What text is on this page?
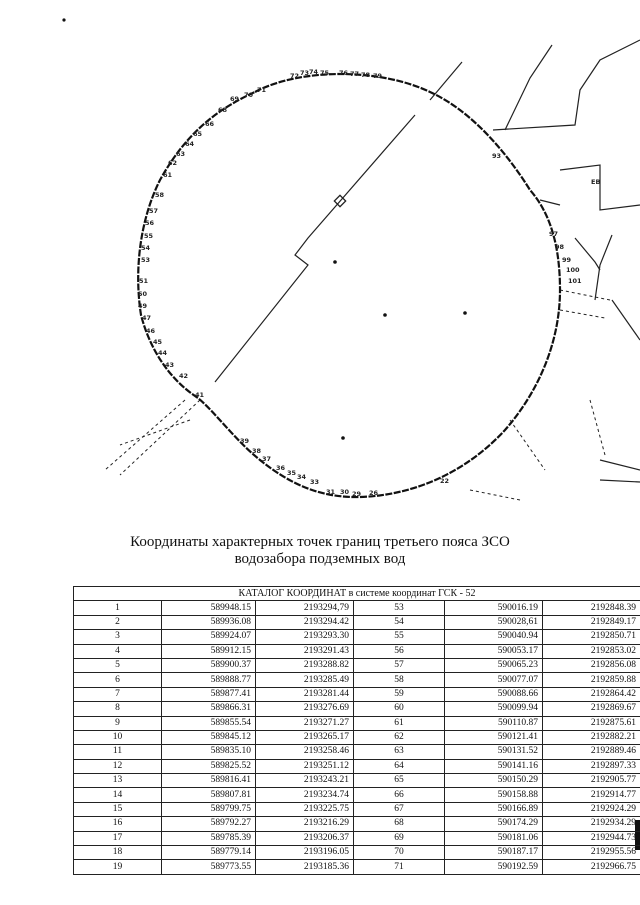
68
69 70
71
72 73 74 75 76 77 78 79
66
65
64
63
62
61
58
57
56
55
54
53
51
50
49
47
46
45
44
43
42
41
39
38
37
36
35 34
33
31 30 29 26
22
93
97
98
99
100
101
ЕВ
Координаты характерных точек границ третьего пояса ЗСО
водозабора подземных вод
КАТАЛОГ КООРДИНАТ в системе координат ГСК - 52					
1	589948.15	2193294,79	53	590016.19	2192848.39
2	589936.08	2193294.42	54	590028,61	2192849.17
3	589924.07	2193293.30	55	590040.94	2192850.71
4	589912.15	2193291.43	56	590053.17	2192853.02
5	589900.37	2193288.82	57	590065.23	2192856.08
6	589888.77	2193285.49	58	590077.07	2192859.88
7	589877.41	2193281.44	59	590088.66	2192864.42
8	589866.31	2193276.69	60	590099.94	2192869.67
9	589855.54	2193271.27	61	590110.87	2192875.61
10	589845.12	2193265.17	62	590121.41	2192882.21
11	589835.10	2193258.46	63	590131.52	2192889.46
12	589825.52	2193251.12	64	590141.16	2192897.33
13	589816.41	2193243.21	65	590150.29	2192905.77
14	589807.81	2193234.74	66	590158.88	2192914.77
15	589799.75	2193225.75	67	590166.89	2192924.29
16	589792.27	2193216.29	68	590174.29	2192934.29
17	589785.39	2193206.37	69	590181.06	2192944.73
18	589779.14	2193196.05	70	590187.17	2192955.56
19	589773.55	2193185.36	71	590192.59	2192966.75
